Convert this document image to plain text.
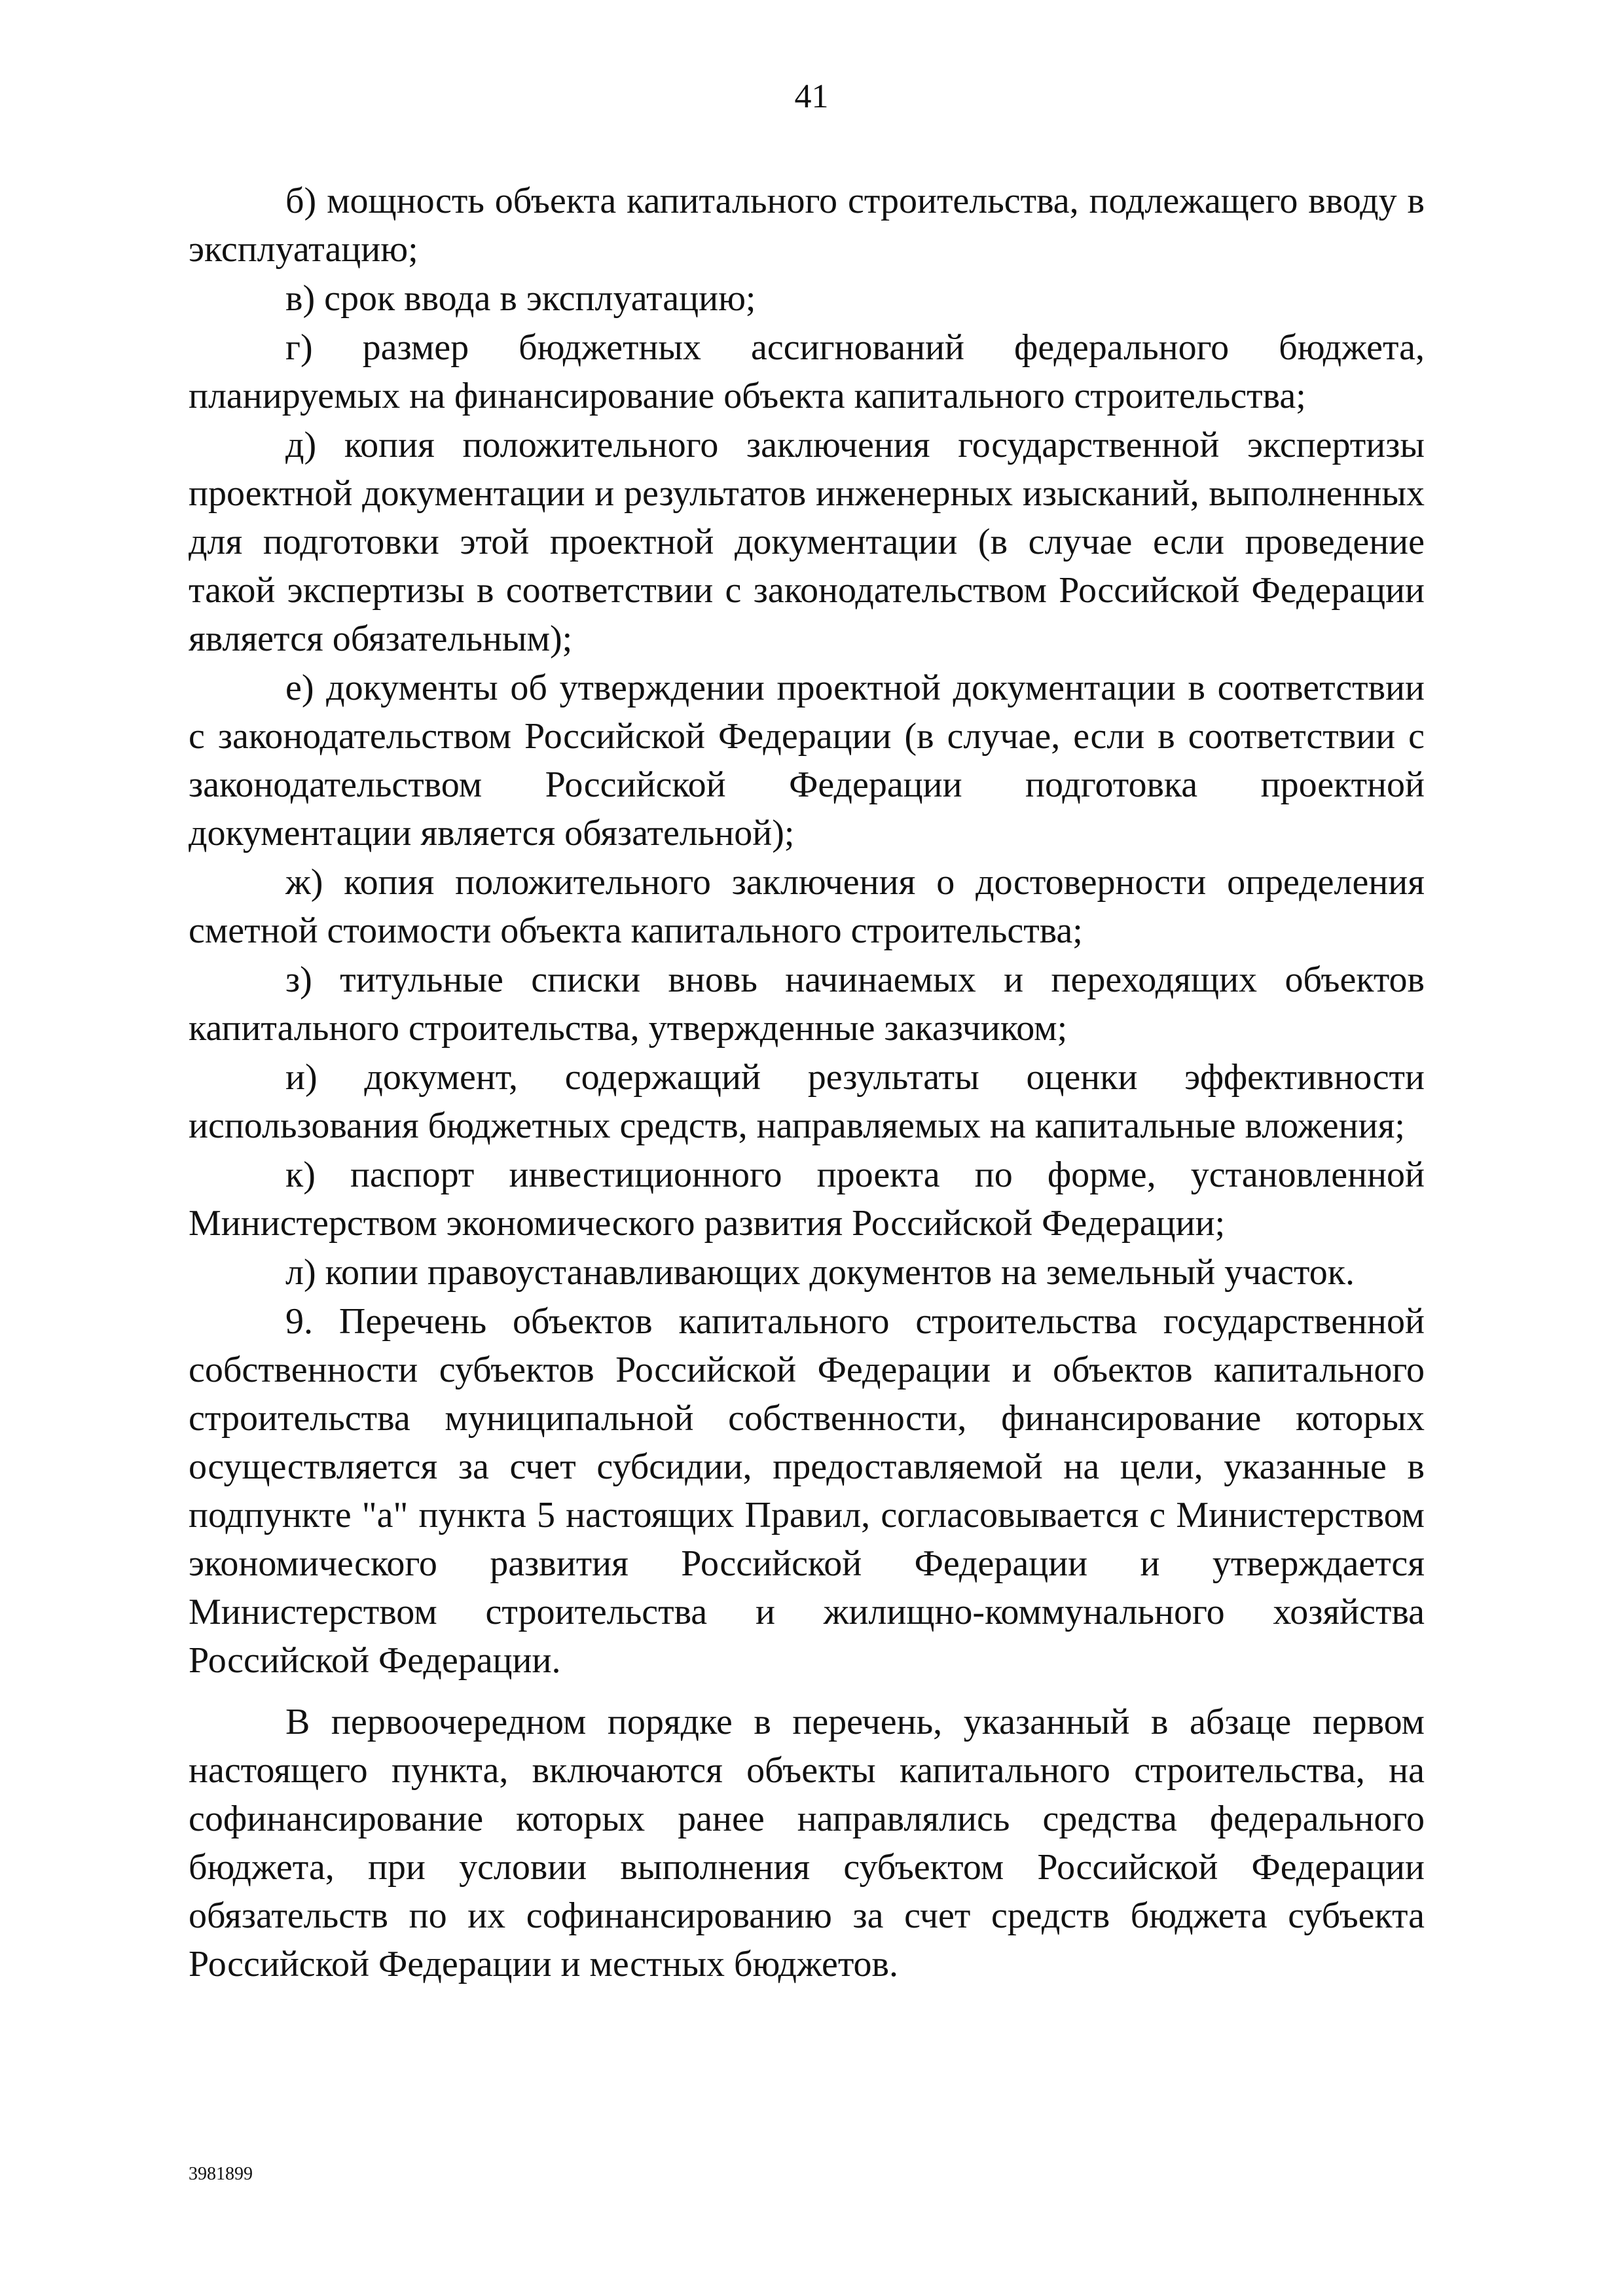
41

б) мощность объекта капитального строительства, подлежащего вводу в эксплуатацию;

в) срок ввода в эксплуатацию;

г) размер бюджетных ассигнований федерального бюджета, планируемых на финансирование объекта капитального строительства;

д) копия положительного заключения государственной экспертизы проектной документации и результатов инженерных изысканий, выполненных для подготовки этой проектной документации (в случае если проведение такой экспертизы в соответствии с законодательством Российской Федерации является обязательным);

е) документы об утверждении проектной документации в соответствии с законодательством Российской Федерации (в случае, если в соответствии с законодательством Российской Федерации подготовка проектной документации является обязательной);

ж) копия положительного заключения о достоверности определения сметной стоимости объекта капитального строительства;

з) титульные списки вновь начинаемых и переходящих объектов капитального строительства, утвержденные заказчиком;

и) документ, содержащий результаты оценки эффективности использования бюджетных средств, направляемых на капитальные вложения;

к) паспорт инвестиционного проекта по форме, установленной Министерством экономического развития Российской Федерации;

л) копии правоустанавливающих документов на земельный участок.

9. Перечень объектов капитального строительства государственной собственности субъектов Российской Федерации и объектов капитального строительства муниципальной собственности, финансирование которых осуществляется за счет субсидии, предоставляемой на цели, указанные в подпункте "а" пункта 5 настоящих Правил, согласовывается с Министерством экономического развития Российской Федерации и утверждается Министерством строительства и жилищно-коммунального хозяйства Российской Федерации.

В первоочередном порядке в перечень, указанный в абзаце первом настоящего пункта, включаются объекты капитального строительства, на софинансирование которых ранее направлялись средства федерального бюджета, при условии выполнения субъектом Российской Федерации обязательств по их софинансированию за счет средств бюджета субъекта Российской Федерации и местных бюджетов.

3981899
